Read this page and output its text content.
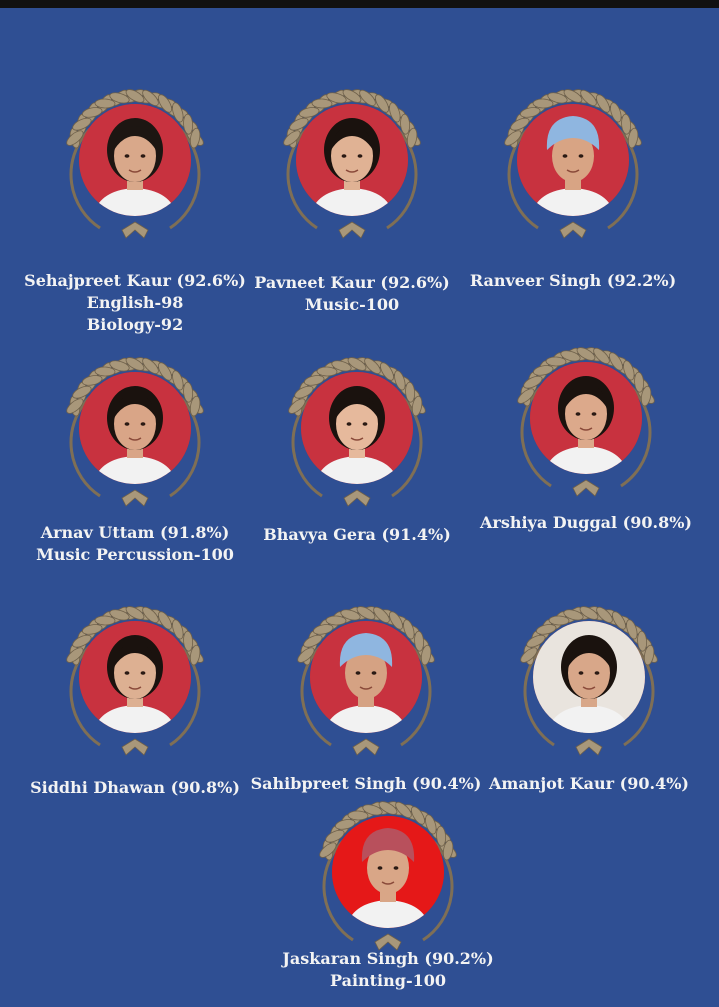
Sehajpreet Kaur (92.6%)
English-98
Biology-92
Pavneet Kaur (92.6%)
Music-100
Ranveer Singh (92.2%)
Arnav Uttam (91.8%)
Music Percussion-100
Bhavya Gera (91.4%)
Arshiya Duggal (90.8%)
Siddhi Dhawan (90.8%) Sahibpreet Singh (90.4%) Amanjot Kaur (90.4%)
Jaskaran Singh (90.2%)
Painting-100
